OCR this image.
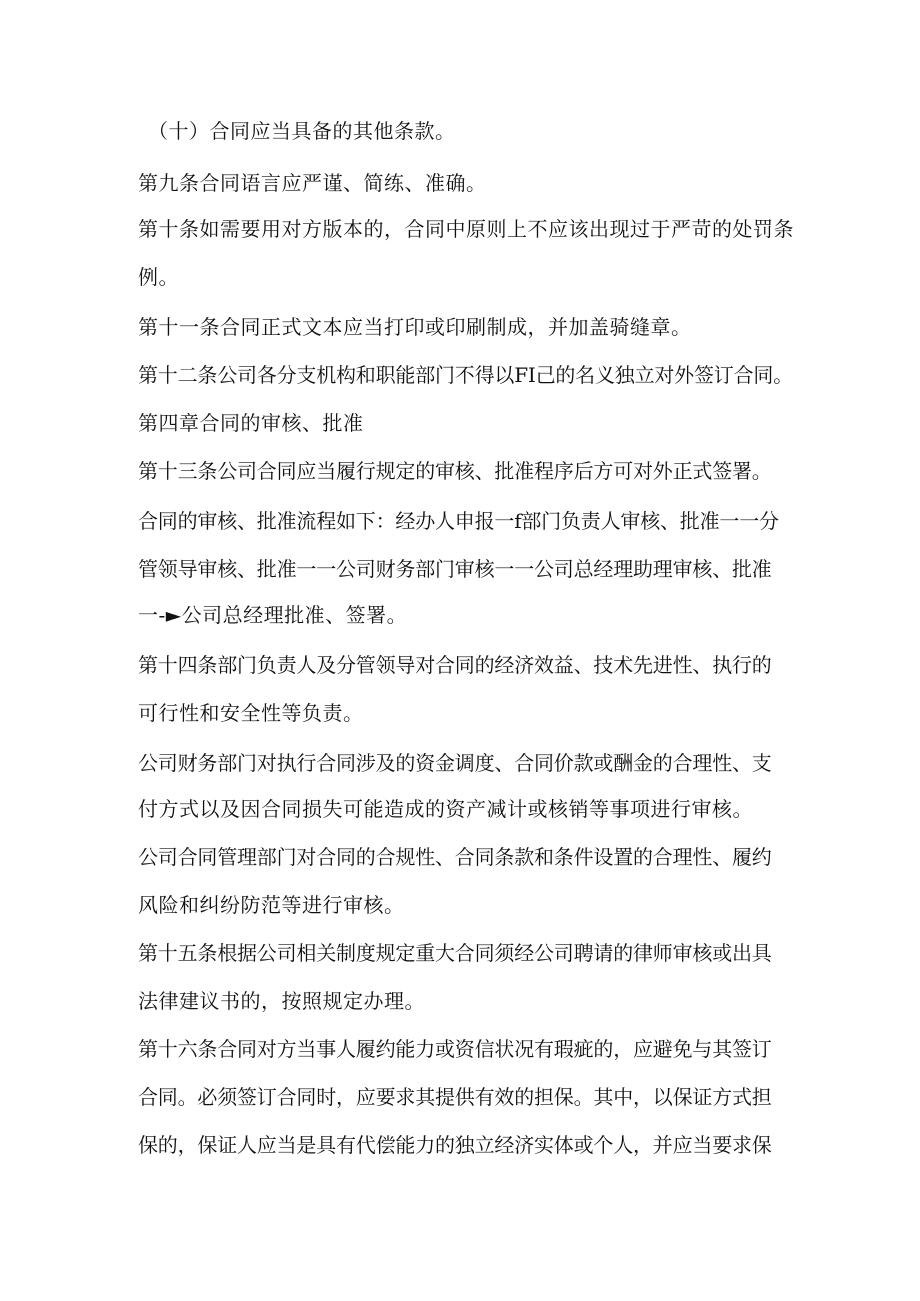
（十）合同应当具备的其他条款。
第九条合同语言应严谨、简练、准确。
第十条如需要用对方版本的，合同中原则上不应该出现过于严苛的处罚条
例。
第十一条合同正式文本应当打印或印刷制成，并加盖骑缝章。
第十二条公司各分支机构和职能部门不得以FI己的名义独立对外签订合同。
第四章合同的审核、批准
第十三条公司合同应当履行规定的审核、批准程序后方可对外正式签署。
合同的审核、批准流程如下：经办人申报一f部门负责人审核、批准一一分
管领导审核、批准一一公司财务部门审核一一公司总经理助理审核、批准
一-►公司总经理批准、签署。
第十四条部门负责人及分管领导对合同的经济效益、技术先进性、执行的
可行性和安全性等负责。
公司财务部门对执行合同涉及的资金调度、合同价款或酬金的合理性、支
付方式以及因合同损失可能造成的资产减计或核销等事项进行审核。
公司合同管理部门对合同的合规性、合同条款和条件设置的合理性、履约
风险和纠纷防范等进行审核。
第十五条根据公司相关制度规定重大合同须经公司聘请的律师审核或出具
法律建议书的，按照规定办理。
第十六条合同对方当事人履约能力或资信状况有瑕疵的，应避免与其签订
合同。必须签订合同时，应要求其提供有效的担保。其中，以保证方式担
保的，保证人应当是具有代偿能力的独立经济实体或个人，并应当要求保
